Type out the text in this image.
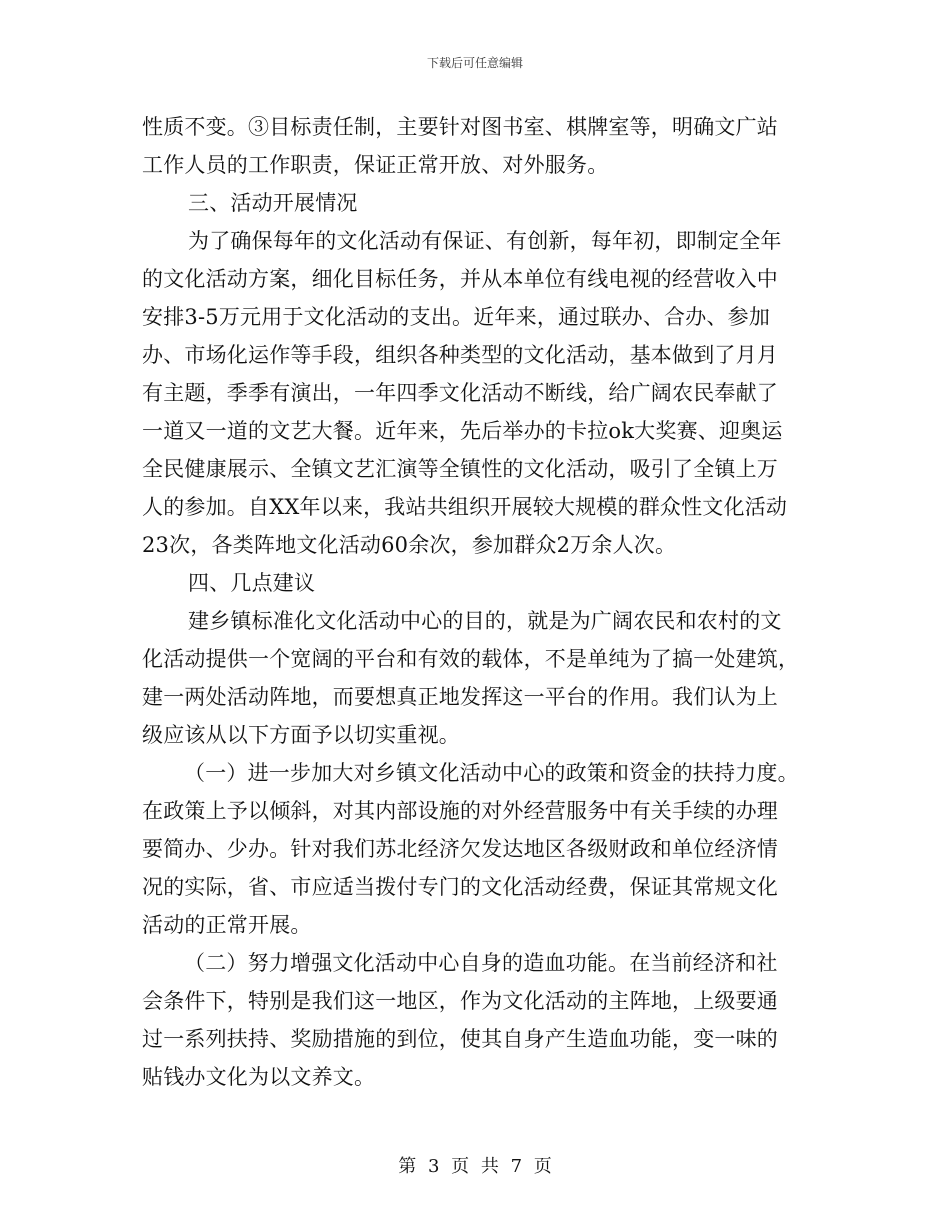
下载后可任意编辑
性质不变。③目标责任制，主要针对图书室、棋牌室等，明确文广站
工作人员的工作职责，保证正常开放、对外服务。
三、活动开展情况
为了确保每年的文化活动有保证、有创新，每年初，即制定全年
的文化活动方案，细化目标任务，并从本单位有线电视的经营收入中
安排3-5万元用于文化活动的支出。近年来，通过联办、合办、参加
办、市场化运作等手段，组织各种类型的文化活动，基本做到了月月
有主题，季季有演出，一年四季文化活动不断线，给广阔农民奉献了
一道又一道的文艺大餐。近年来，先后举办的卡拉ok大奖赛、迎奥运
全民健康展示、全镇文艺汇演等全镇性的文化活动，吸引了全镇上万
人的参加。自XX年以来，我站共组织开展较大规模的群众性文化活动
23次，各类阵地文化活动60余次，参加群众2万余人次。
四、几点建议
建乡镇标准化文化活动中心的目的，就是为广阔农民和农村的文
化活动提供一个宽阔的平台和有效的载体，不是单纯为了搞一处建筑，
建一两处活动阵地，而要想真正地发挥这一平台的作用。我们认为上
级应该从以下方面予以切实重视。
（一）进一步加大对乡镇文化活动中心的政策和资金的扶持力度。
在政策上予以倾斜，对其内部设施的对外经营服务中有关手续的办理
要简办、少办。针对我们苏北经济欠发达地区各级财政和单位经济情
况的实际，省、市应适当拨付专门的文化活动经费，保证其常规文化
活动的正常开展。
（二）努力增强文化活动中心自身的造血功能。在当前经济和社
会条件下，特别是我们这一地区，作为文化活动的主阵地，上级要通
过一系列扶持、奖励措施的到位，使其自身产生造血功能，变一味的
贴钱办文化为以文养文。
第 3 页 共 7 页
